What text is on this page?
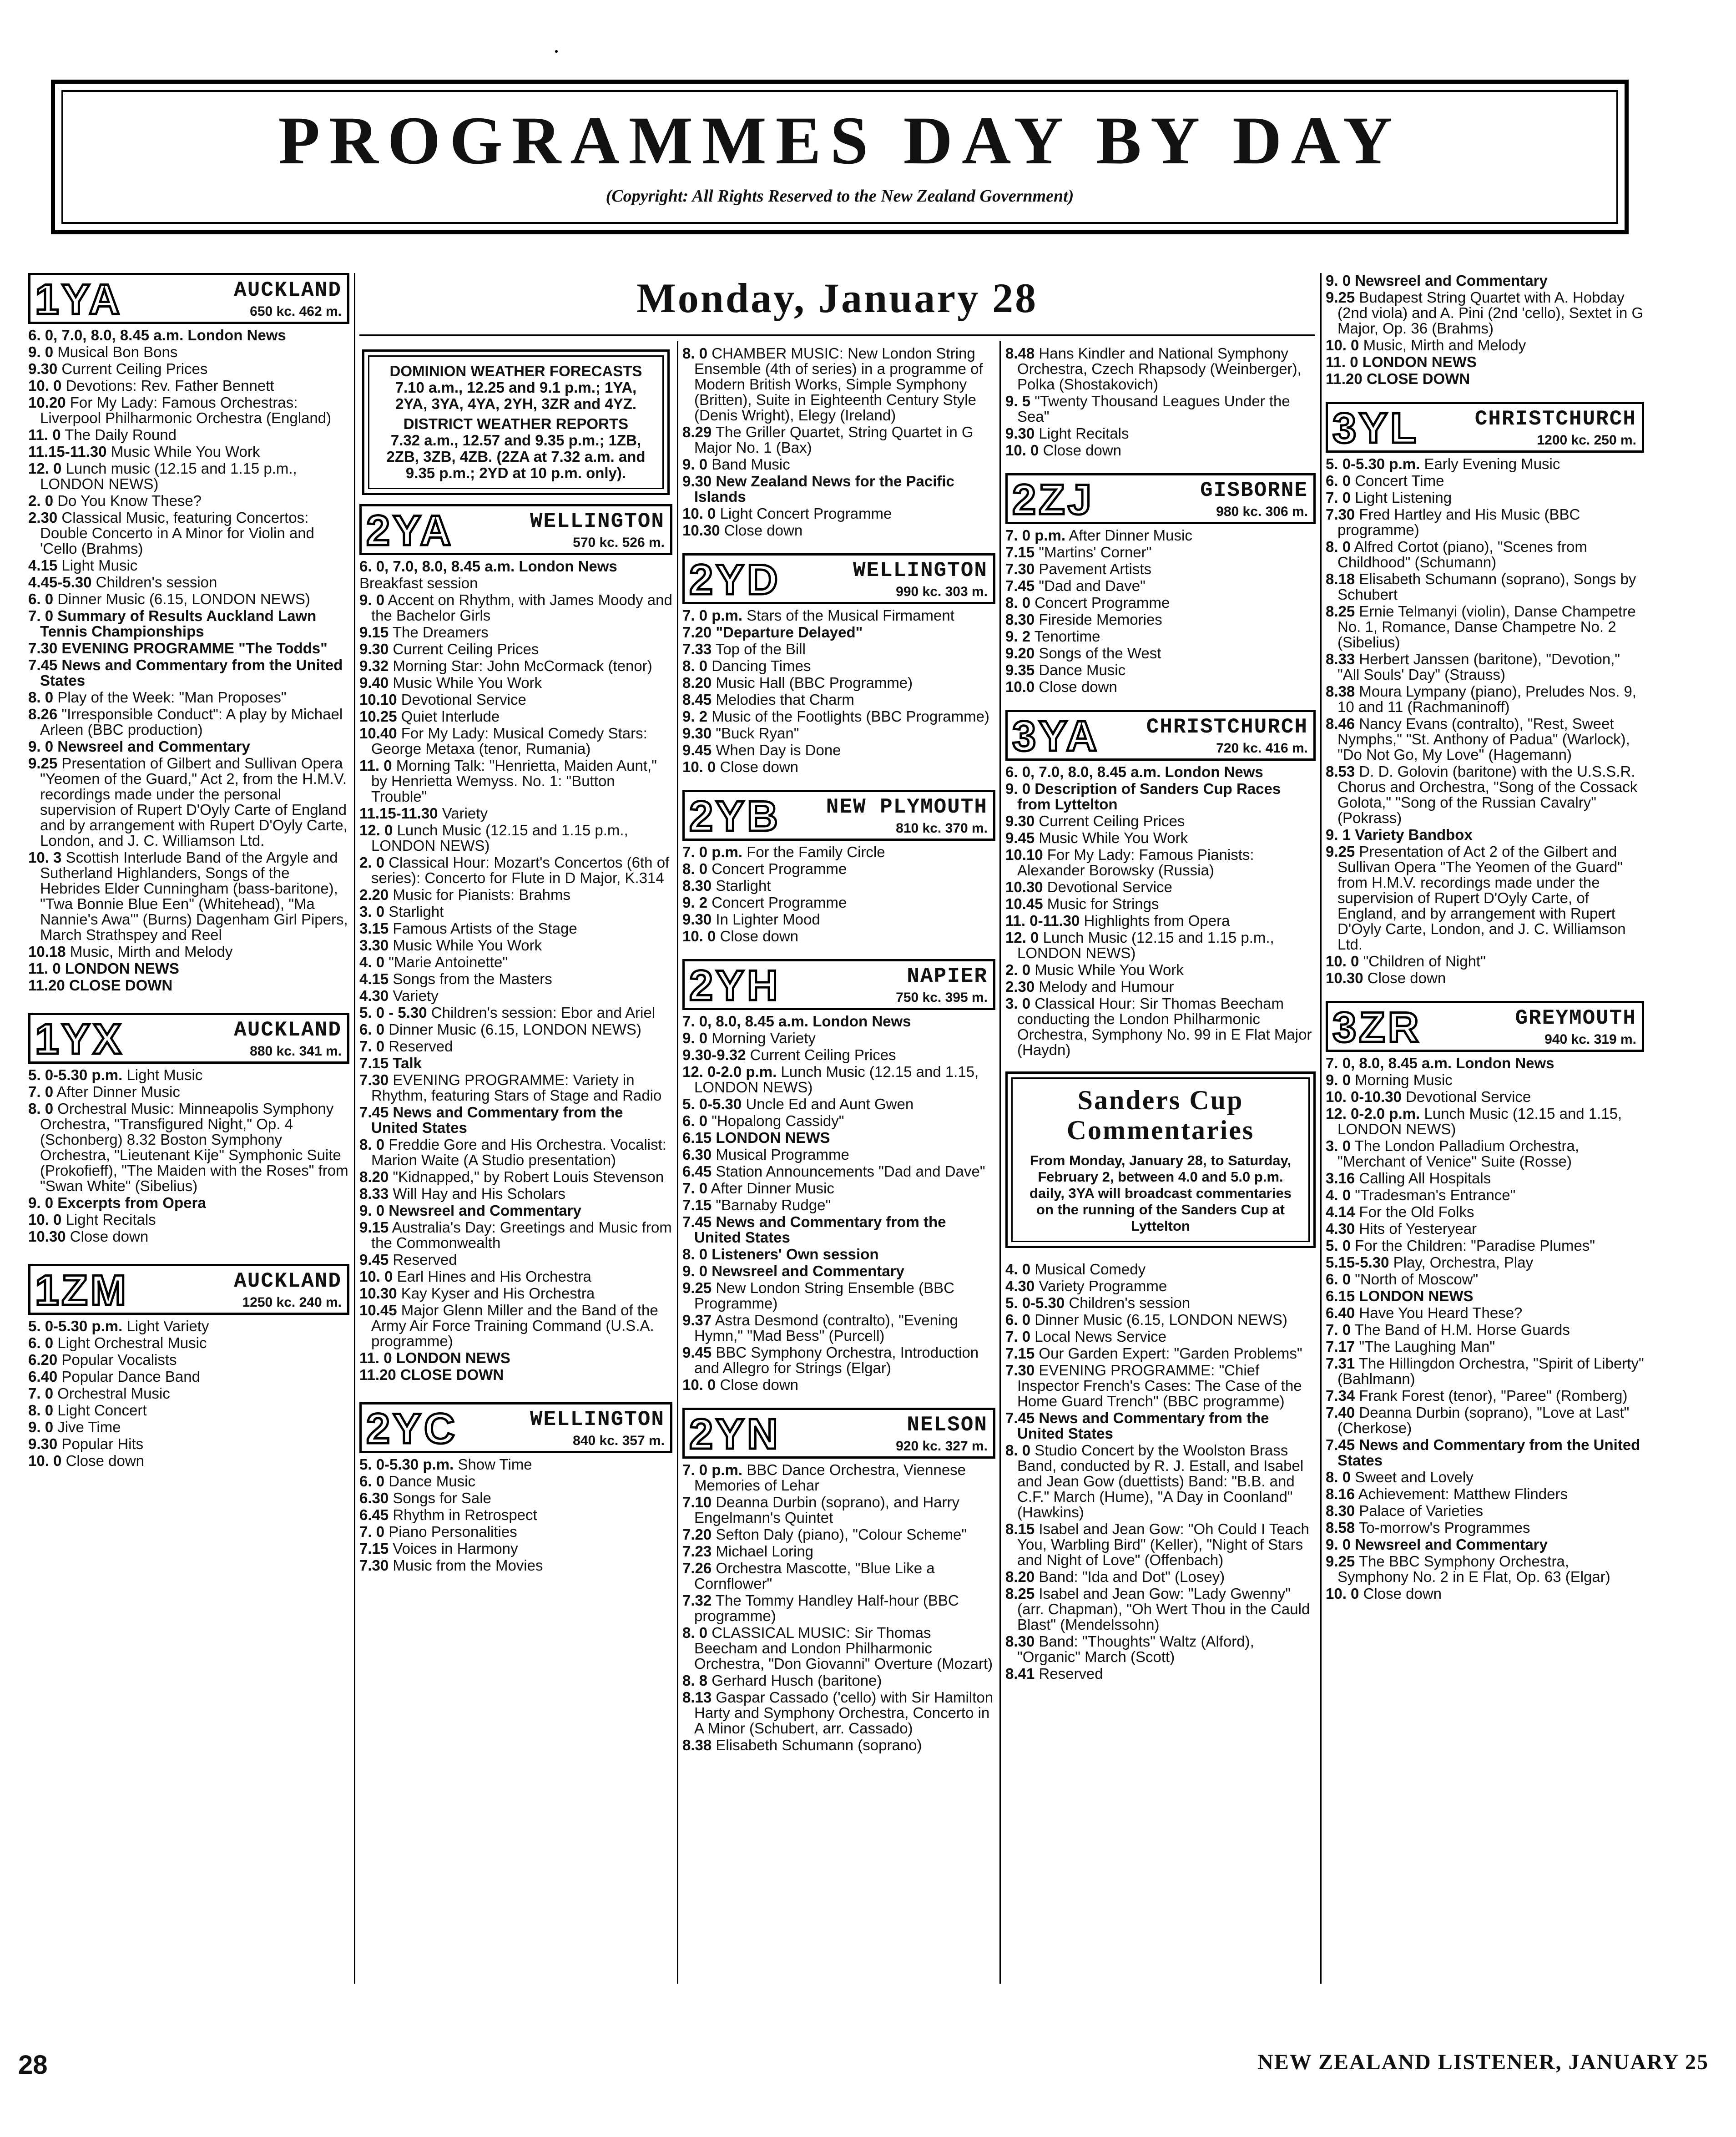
PROGRAMMES DAY BY DAY
(Copyright: All Rights Reserved to the New Zealand Government)
1YA	AUCKLAND
650 kc. 462 m.
6. 0, 7.0, 8.0, 8.45 a.m. London News
9. 0 Musical Bon Bons
9.30 Current Ceiling Prices
10. 0 Devotions: Rev. Father Bennett
10.20 For My Lady: Famous Orchestras: Liverpool Philharmonic Orchestra (England)
11. 0 The Daily Round
11.15-11.30 Music While You Work
12. 0 Lunch music (12.15 and 1.15 p.m., LONDON NEWS)
2. 0 Do You Know These?
2.30 Classical Music, featuring Concertos: Double Concerto in A Minor for Violin and 'Cello (Brahms)
4.15 Light Music
4.45-5.30 Children's session
6. 0 Dinner Music (6.15, LONDON NEWS)
7. 0 Summary of Results Auckland Lawn Tennis Championships
7.30 EVENING PROGRAMME "The Todds"
7.45 News and Commentary from the United States
8. 0 Play of the Week: "Man Proposes"
8.26 "Irresponsible Conduct": A play by Michael Arleen (BBC production)
9. 0 Newsreel and Commentary
9.25 Presentation of Gilbert and Sullivan Opera "Yeomen of the Guard," Act 2, from the H.M.V. recordings made under the personal supervision of Rupert D'Oyly Carte of England and by arrangement with Rupert D'Oyly Carte, London, and J. C. Williamson Ltd.
10. 3 Scottish Interlude Band of the Argyle and Sutherland Highlanders, Songs of the Hebrides Elder Cunningham (bass-baritone), "Twa Bonnie Blue Een" (Whitehead), "Ma Nannie's Awa'" (Burns) Dagenham Girl Pipers, March Strathspey and Reel
10.18 Music, Mirth and Melody
11. 0 LONDON NEWS
11.20 CLOSE DOWN
1YX	AUCKLAND
880 kc. 341 m.
5. 0-5.30 p.m. Light Music
7. 0 After Dinner Music
8. 0 Orchestral Music: Minneapolis Symphony Orchestra, "Transfigured Night," Op. 4 (Schonberg) 8.32 Boston Symphony Orchestra, "Lieutenant Kije" Symphonic Suite (Prokofieff), "The Maiden with the Roses" from "Swan White" (Sibelius)
9. 0 Excerpts from Opera
10. 0 Light Recitals
10.30 Close down
1ZM	AUCKLAND
1250 kc. 240 m.
5. 0-5.30 p.m. Light Variety
6. 0 Light Orchestral Music
6.20 Popular Vocalists
6.40 Popular Dance Band
7. 0 Orchestral Music
8. 0 Light Concert
9. 0 Jive Time
9.30 Popular Hits
10. 0 Close down
Monday, January 28
DOMINION WEATHER FORECASTS
7.10 a.m., 12.25 and 9.1 p.m.; 1YA, 2YA, 3YA, 4YA, 2YH, 3ZR and 4YZ.
DISTRICT WEATHER REPORTS
7.32 a.m., 12.57 and 9.35 p.m.; 1ZB, 2ZB, 3ZB, 4ZB. (2ZA at 7.32 a.m. and 9.35 p.m.; 2YD at 10 p.m. only).
2YA	WELLINGTON
570 kc. 526 m.
6. 0, 7.0, 8.0, 8.45 a.m. London News
Breakfast session
9. 0 Accent on Rhythm, with James Moody and the Bachelor Girls
9.15 The Dreamers
9.30 Current Ceiling Prices
9.32 Morning Star: John McCormack (tenor)
9.40 Music While You Work
10.10 Devotional Service
10.25 Quiet Interlude
10.40 For My Lady: Musical Comedy Stars: George Metaxa (tenor, Rumania)
11. 0 Morning Talk: "Henrietta, Maiden Aunt," by Henrietta Wemyss. No. 1: "Button Trouble"
11.15-11.30 Variety
12. 0 Lunch Music (12.15 and 1.15 p.m., LONDON NEWS)
2. 0 Classical Hour: Mozart's Concertos (6th of series): Concerto for Flute in D Major, K.314
2.20 Music for Pianists: Brahms
3. 0 Starlight
3.15 Famous Artists of the Stage
3.30 Music While You Work
4. 0 "Marie Antoinette"
4.15 Songs from the Masters
4.30 Variety
5. 0 - 5.30 Children's session: Ebor and Ariel
6. 0 Dinner Music (6.15, LONDON NEWS)
7. 0 Reserved
7.15 Talk
7.30 EVENING PROGRAMME: Variety in Rhythm, featuring Stars of Stage and Radio
7.45 News and Commentary from the United States
8. 0 Freddie Gore and His Orchestra. Vocalist: Marion Waite (A Studio presentation)
8.20 "Kidnapped," by Robert Louis Stevenson
8.33 Will Hay and His Scholars
9. 0 Newsreel and Commentary
9.15 Australia's Day: Greetings and Music from the Commonwealth
9.45 Reserved
10. 0 Earl Hines and His Orchestra
10.30 Kay Kyser and His Orchestra
10.45 Major Glenn Miller and the Band of the Army Air Force Training Command (U.S.A. programme)
11. 0 LONDON NEWS
11.20 CLOSE DOWN
2YC	WELLINGTON
840 kc. 357 m.
5. 0-5.30 p.m. Show Time
6. 0 Dance Music
6.30 Songs for Sale
6.45 Rhythm in Retrospect
7. 0 Piano Personalities
7.15 Voices in Harmony
7.30 Music from the Movies
8. 0 CHAMBER MUSIC: New London String Ensemble (4th of series) in a programme of Modern British Works, Simple Symphony (Britten), Suite in Eighteenth Century Style (Denis Wright), Elegy (Ireland)
8.29 The Griller Quartet, String Quartet in G Major No. 1 (Bax)
9. 0 Band Music
9.30 New Zealand News for the Pacific Islands
10. 0 Light Concert Programme
10.30 Close down
2YD	WELLINGTON
990 kc. 303 m.
7. 0 p.m. Stars of the Musical Firmament
7.20 "Departure Delayed"
7.33 Top of the Bill
8. 0 Dancing Times
8.20 Music Hall (BBC Programme)
8.45 Melodies that Charm
9. 2 Music of the Footlights (BBC Programme)
9.30 "Buck Ryan"
9.45 When Day is Done
10. 0 Close down
2YB NEW PLYMOUTH
810 kc. 370 m.
7. 0 p.m. For the Family Circle
8. 0 Concert Programme
8.30 Starlight
9. 2 Concert Programme
9.30 In Lighter Mood
10. 0 Close down
2YH	NAPIER
750 kc. 395 m.
7. 0, 8.0, 8.45 a.m. London News
9. 0 Morning Variety
9.30-9.32 Current Ceiling Prices
12. 0-2.0 p.m. Lunch Music (12.15 and 1.15, LONDON NEWS)
5. 0-5.30 Uncle Ed and Aunt Gwen
6. 0 "Hopalong Cassidy"
6.15 LONDON NEWS
6.30 Musical Programme
6.45 Station Announcements "Dad and Dave"
7. 0 After Dinner Music
7.15 "Barnaby Rudge"
7.45 News and Commentary from the United States
8. 0 Listeners' Own session
9. 0 Newsreel and Commentary
9.25 New London String Ensemble (BBC Programme)
9.37 Astra Desmond (contralto), "Evening Hymn," "Mad Bess" (Purcell)
9.45 BBC Symphony Orchestra, Introduction and Allegro for Strings (Elgar)
10. 0 Close down
2YN	NELSON
920 kc. 327 m.
7. 0 p.m. BBC Dance Orchestra, Viennese Memories of Lehar
7.10 Deanna Durbin (soprano), and Harry Engelmann's Quintet
7.20 Sefton Daly (piano), "Colour Scheme"
7.23 Michael Loring
7.26 Orchestra Mascotte, "Blue Like a Cornflower"
7.32 The Tommy Handley Half-hour (BBC programme)
8. 0 CLASSICAL MUSIC: Sir Thomas Beecham and London Philharmonic Orchestra, "Don Giovanni" Overture (Mozart)
8. 8 Gerhard Husch (baritone)
8.13 Gaspar Cassado ('cello) with Sir Hamilton Harty and Symphony Orchestra, Concerto in A Minor (Schubert, arr. Cassado)
8.38 Elisabeth Schumann (soprano)
8.48 Hans Kindler and National Symphony Orchestra, Czech Rhapsody (Weinberger), Polka (Shostakovich)
9. 5 "Twenty Thousand Leagues Under the Sea"
9.30 Light Recitals
10. 0 Close down
2ZJ	GISBORNE
980 kc. 306 m.
7. 0 p.m. After Dinner Music
7.15 "Martins' Corner"
7.30 Pavement Artists
7.45 "Dad and Dave"
8. 0 Concert Programme
8.30 Fireside Memories
9. 2 Tenortime
9.20 Songs of the West
9.35 Dance Music
10.0 Close down
3YA CHRISTCHURCH
720 kc. 416 m.
6. 0, 7.0, 8.0, 8.45 a.m. London News
9. 0 Description of Sanders Cup Races from Lyttelton
9.30 Current Ceiling Prices
9.45 Music While You Work
10.10 For My Lady: Famous Pianists: Alexander Borowsky (Russia)
10.30 Devotional Service
10.45 Music for Strings
11. 0-11.30 Highlights from Opera
12. 0 Lunch Music (12.15 and 1.15 p.m., LONDON NEWS)
2. 0 Music While You Work
2.30 Melody and Humour
3. 0 Classical Hour: Sir Thomas Beecham conducting the London Philharmonic Orchestra, Symphony No. 99 in E Flat Major (Haydn)
Sanders Cup Commentaries
From Monday, January 28, to Saturday, February 2, between 4.0 and 5.0 p.m. daily, 3YA will broadcast commentaries on the running of the Sanders Cup at Lyttelton
4. 0 Musical Comedy
4.30 Variety Programme
5. 0-5.30 Children's session
6. 0 Dinner Music (6.15, LONDON NEWS)
7. 0 Local News Service
7.15 Our Garden Expert: "Garden Problems"
7.30 EVENING PROGRAMME: "Chief Inspector French's Cases: The Case of the Home Guard Trench" (BBC programme)
7.45 News and Commentary from the United States
8. 0 Studio Concert by the Woolston Brass Band, conducted by R. J. Estall, and Isabel and Jean Gow (duettists) Band: "B.B. and C.F." March (Hume), "A Day in Coonland" (Hawkins)
8.15 Isabel and Jean Gow: "Oh Could I Teach You, Warbling Bird" (Keller), "Night of Stars and Night of Love" (Offenbach)
8.20 Band: "Ida and Dot" (Losey)
8.25 Isabel and Jean Gow: "Lady Gwenny" (arr. Chapman), "Oh Wert Thou in the Cauld Blast" (Mendelssohn)
8.30 Band: "Thoughts" Waltz (Alford), "Organic" March (Scott)
8.41 Reserved
9. 0 Newsreel and Commentary
9.25 Budapest String Quartet with A. Hobday (2nd viola) and A. Pini (2nd 'cello), Sextet in G Major, Op. 36 (Brahms)
10. 0 Music, Mirth and Melody
11. 0 LONDON NEWS
11.20 CLOSE DOWN
3YL	CHRISTCHURCH
1200 kc. 250 m.
5. 0-5.30 p.m. Early Evening Music
6. 0 Concert Time
7. 0 Light Listening
7.30 Fred Hartley and His Music (BBC programme)
8. 0 Alfred Cortot (piano), "Scenes from Childhood" (Schumann)
8.18 Elisabeth Schumann (soprano), Songs by Schubert
8.25 Ernie Telmanyi (violin), Danse Champetre No. 1, Romance, Danse Champetre No. 2 (Sibelius)
8.33 Herbert Janssen (baritone), "Devotion," "All Souls' Day" (Strauss)
8.38 Moura Lympany (piano), Preludes Nos. 9, 10 and 11 (Rachmaninoff)
8.46 Nancy Evans (contralto), "Rest, Sweet Nymphs," "St. Anthony of Padua" (Warlock), "Do Not Go, My Love" (Hagemann)
8.53 D. D. Golovin (baritone) with the U.S.S.R. Chorus and Orchestra, "Song of the Cossack Golota," "Song of the Russian Cavalry" (Pokrass)
9. 1 Variety Bandbox
9.25 Presentation of Act 2 of the Gilbert and Sullivan Opera "The Yeomen of the Guard" from H.M.V. recordings made under the supervision of Rupert D'Oyly Carte, of England, and by arrangement with Rupert D'Oyly Carte, London, and J. C. Williamson Ltd.
10. 0 "Children of Night"
10.30 Close down
3ZR	GREYMOUTH
940 kc. 319 m.
7. 0, 8.0, 8.45 a.m. London News
9. 0 Morning Music
10. 0-10.30 Devotional Service
12. 0-2.0 p.m. Lunch Music (12.15 and 1.15, LONDON NEWS)
3. 0 The London Palladium Orchestra, "Merchant of Venice" Suite (Rosse)
3.16 Calling All Hospitals
4. 0 "Tradesman's Entrance"
4.14 For the Old Folks
4.30 Hits of Yesteryear
5. 0 For the Children: "Paradise Plumes"
5.15-5.30 Play, Orchestra, Play
6. 0 "North of Moscow"
6.15 LONDON NEWS
6.40 Have You Heard These?
7. 0 The Band of H.M. Horse Guards
7.17 "The Laughing Man"
7.31 The Hillingdon Orchestra, "Spirit of Liberty" (Bahlmann)
7.34 Frank Forest (tenor), "Paree" (Romberg)
7.40 Deanna Durbin (soprano), "Love at Last" (Cherkose)
7.45 News and Commentary from the United States
8. 0 Sweet and Lovely
8.16 Achievement: Matthew Flinders
8.30 Palace of Varieties
8.58 To-morrow's Programmes
9. 0 Newsreel and Commentary
9.25 The BBC Symphony Orchestra, Symphony No. 2 in E Flat, Op. 63 (Elgar)
10. 0 Close down
28	NEW ZEALAND LISTENER, JANUARY 25
